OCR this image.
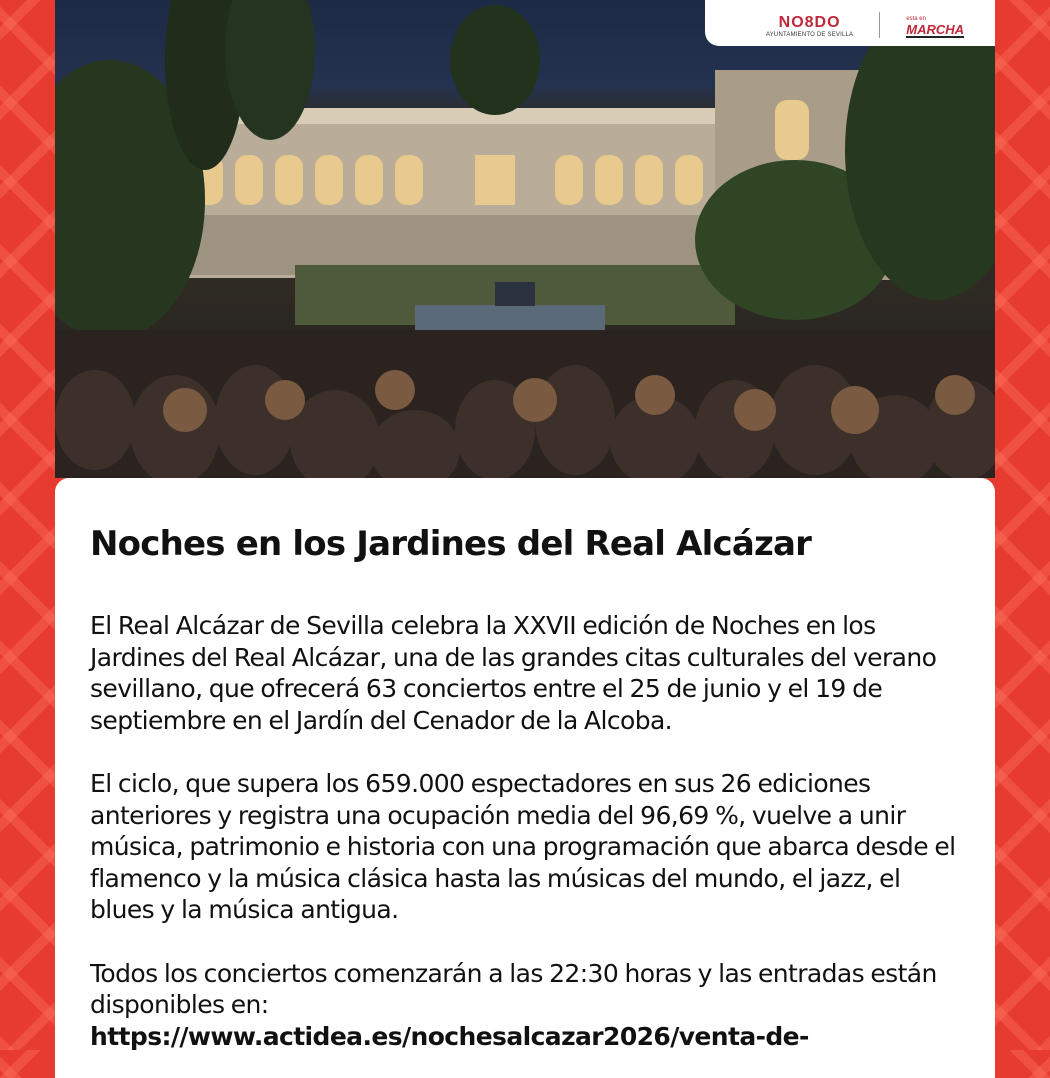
NO8DO
AYUNTAMIENTO DE SEVILLA
esta en
MARCHA
Noches en los Jardines del Real Alcázar

El Real Alcázar de Sevilla celebra la XXVII edición de Noches en los Jardines del Real Alcázar, una de las grandes citas culturales del verano sevillano, que ofrecerá 63 conciertos entre el 25 de junio y el 19 de septiembre en el Jardín del Cenador de la Alcoba.

El ciclo, que supera los 659.000 espectadores en sus 26 ediciones anteriores y registra una ocupación media del 96,69 %, vuelve a unir música, patrimonio e historia con una programación que abarca desde el flamenco y la música clásica hasta las músicas del mundo, el jazz, el blues y la música antigua.

Todos los conciertos comenzarán a las 22:30 horas y las entradas están disponibles en:
https://www.actidea.es/nochesalcazar2026/venta-de-
